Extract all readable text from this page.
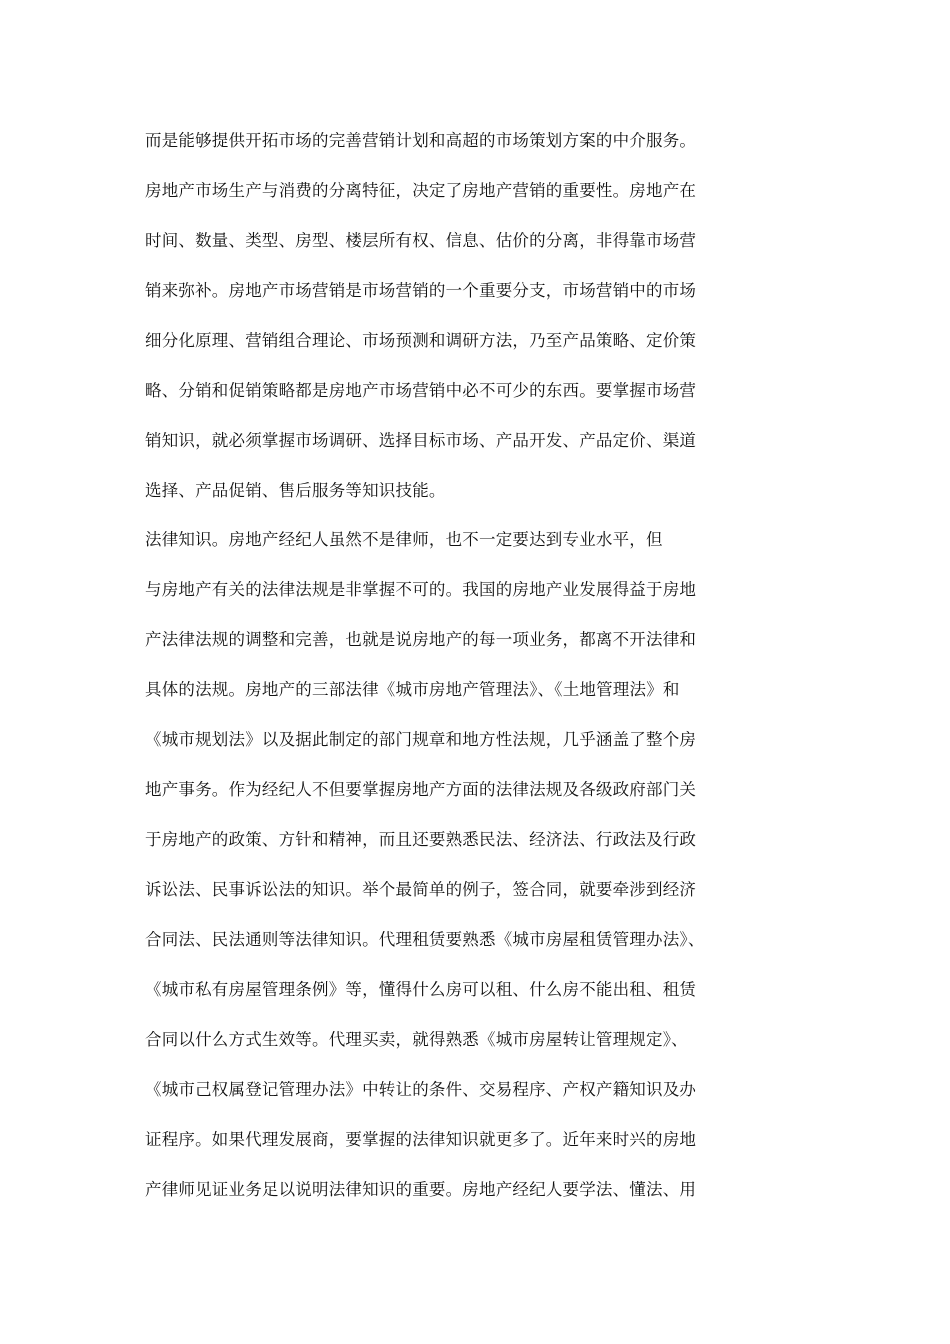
而是能够提供开拓市场的完善营销计划和高超的市场策划方案的中介服务。
房地产市场生产与消费的分离特征，决定了房地产营销的重要性。房地产在
时间、数量、类型、房型、楼层所有权、信息、估价的分离，非得靠市场营
销来弥补。房地产市场营销是市场营销的一个重要分支，市场营销中的市场
细分化原理、营销组合理论、市场预测和调研方法，乃至产品策略、定价策
略、分销和促销策略都是房地产市场营销中必不可少的东西。要掌握市场营
销知识，就必须掌握市场调研、选择目标市场、产品开发、产品定价、渠道
选择、产品促销、售后服务等知识技能。
法律知识。房地产经纪人虽然不是律师，也不一定要达到专业水平，但
与房地产有关的法律法规是非掌握不可的。我国的房地产业发展得益于房地
产法律法规的调整和完善，也就是说房地产的每一项业务，都离不开法律和
具体的法规。房地产的三部法律《城市房地产管理法》、《土地管理法》和
《城市规划法》以及据此制定的部门规章和地方性法规，几乎涵盖了整个房
地产事务。作为经纪人不但要掌握房地产方面的法律法规及各级政府部门关
于房地产的政策、方针和精神，而且还要熟悉民法、经济法、行政法及行政
诉讼法、民事诉讼法的知识。举个最简单的例子，签合同，就要牵涉到经济
合同法、民法通则等法律知识。代理租赁要熟悉《城市房屋租赁管理办法》、
《城市私有房屋管理条例》等，懂得什么房可以租、什么房不能出租、租赁
合同以什么方式生效等。代理买卖，就得熟悉《城市房屋转让管理规定》、
《城市己权属登记管理办法》中转让的条件、交易程序、产权产籍知识及办
证程序。如果代理发展商，要掌握的法律知识就更多了。近年来时兴的房地
产律师见证业务足以说明法律知识的重要。房地产经纪人要学法、懂法、用
